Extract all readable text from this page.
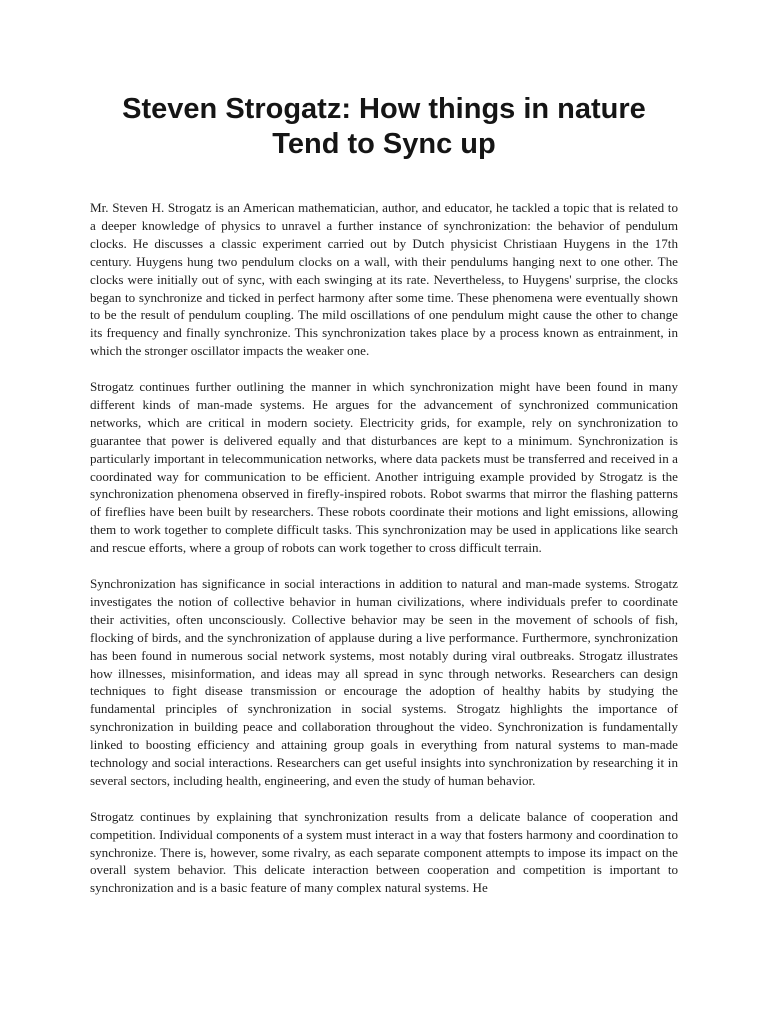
Steven Strogatz: How things in nature
Tend to Sync up

Mr. Steven H. Strogatz is an American mathematician, author, and educator, he tackled a topic that is related to a deeper knowledge of physics to unravel a further instance of synchronization: the behavior of pendulum clocks. He discusses a classic experiment carried out by Dutch physicist Christiaan Huygens in the 17th century. Huygens hung two pendulum clocks on a wall, with their pendulums hanging next to one other. The clocks were initially out of sync, with each swinging at its rate. Nevertheless, to Huygens' surprise, the clocks began to synchronize and ticked in perfect harmony after some time. These phenomena were eventually shown to be the result of pendulum coupling. The mild oscillations of one pendulum might cause the other to change its frequency and finally synchronize. This synchronization takes place by a process known as entrainment, in which the stronger oscillator impacts the weaker one.

Strogatz continues further outlining the manner in which synchronization might have been found in many different kinds of man-made systems. He argues for the advancement of synchronized communication networks, which are critical in modern society. Electricity grids, for example, rely on synchronization to guarantee that power is delivered equally and that disturbances are kept to a minimum. Synchronization is particularly important in telecommunication networks, where data packets must be transferred and received in a coordinated way for communication to be efficient. Another intriguing example provided by Strogatz is the synchronization phenomena observed in firefly-inspired robots. Robot swarms that mirror the flashing patterns of fireflies have been built by researchers. These robots coordinate their motions and light emissions, allowing them to work together to complete difficult tasks. This synchronization may be used in applications like search and rescue efforts, where a group of robots can work together to cross difficult terrain.

Synchronization has significance in social interactions in addition to natural and man-made systems. Strogatz investigates the notion of collective behavior in human civilizations, where individuals prefer to coordinate their activities, often unconsciously. Collective behavior may be seen in the movement of schools of fish, flocking of birds, and the synchronization of applause during a live performance. Furthermore, synchronization has been found in numerous social network systems, most notably during viral outbreaks. Strogatz illustrates how illnesses, misinformation, and ideas may all spread in sync through networks. Researchers can design techniques to fight disease transmission or encourage the adoption of healthy habits by studying the fundamental principles of synchronization in social systems. Strogatz highlights the importance of synchronization in building peace and collaboration throughout the video. Synchronization is fundamentally linked to boosting efficiency and attaining group goals in everything from natural systems to man-made technology and social interactions. Researchers can get useful insights into synchronization by researching it in several sectors, including health, engineering, and even the study of human behavior.

Strogatz continues by explaining that synchronization results from a delicate balance of cooperation and competition. Individual components of a system must interact in a way that fosters harmony and coordination to synchronize. There is, however, some rivalry, as each separate component attempts to impose its impact on the overall system behavior. This delicate interaction between cooperation and competition is important to synchronization and is a basic feature of many complex natural systems. He
